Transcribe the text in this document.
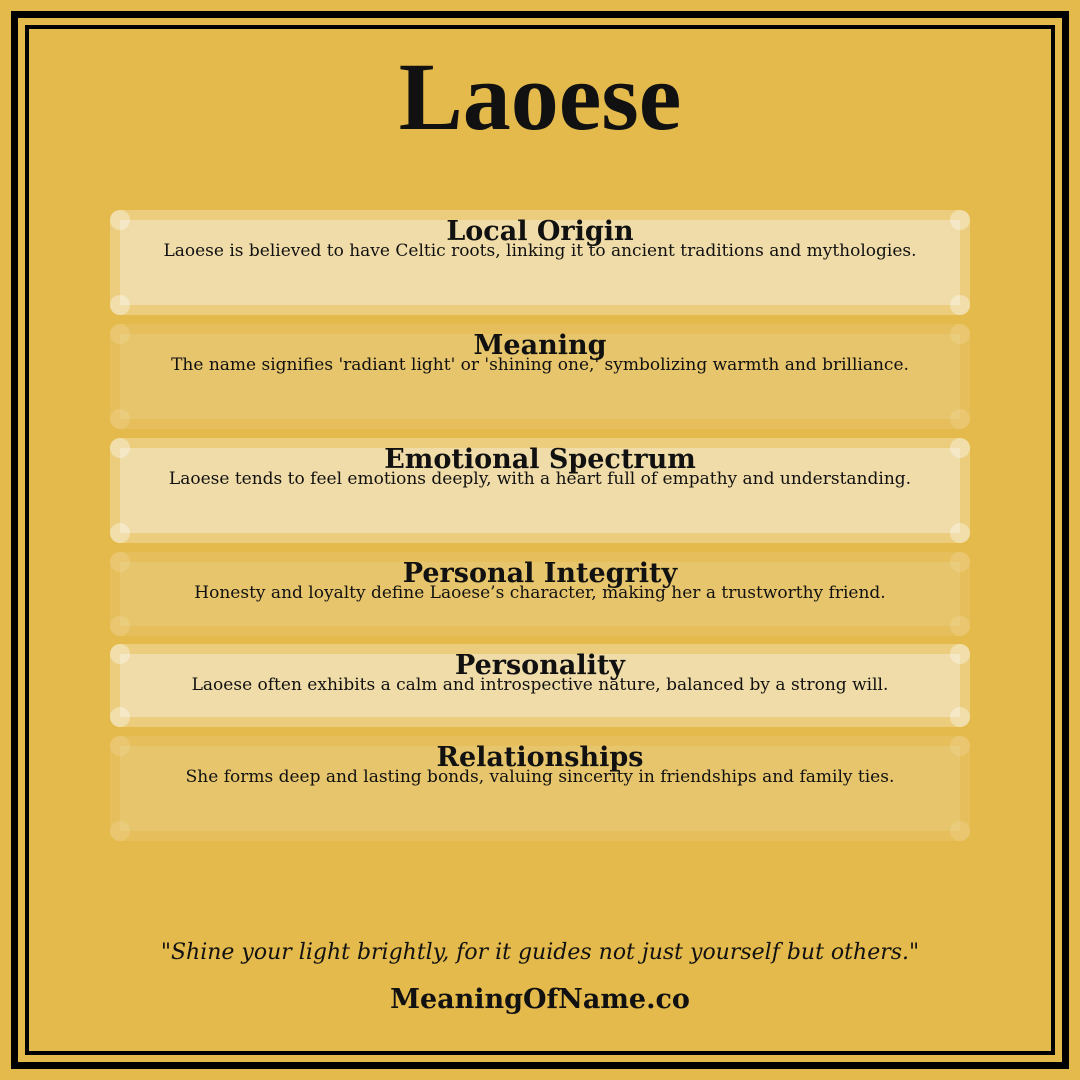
Laoese
Local Origin

Laoese is believed to have Celtic roots, linking it to ancient traditions and mythologies.

Meaning

The name signifies 'radiant light' or 'shining one,' symbolizing warmth and brilliance.

Emotional Spectrum

Laoese tends to feel emotions deeply, with a heart full of empathy and understanding.

Personal Integrity

Honesty and loyalty define Laoese’s character, making her a trustworthy friend.

Personality

Laoese often exhibits a calm and introspective nature, balanced by a strong will.

Relationships

She forms deep and lasting bonds, valuing sincerity in friendships and family ties.

"Shine your light brightly, for it guides not just yourself but others."
MeaningOfName.co
